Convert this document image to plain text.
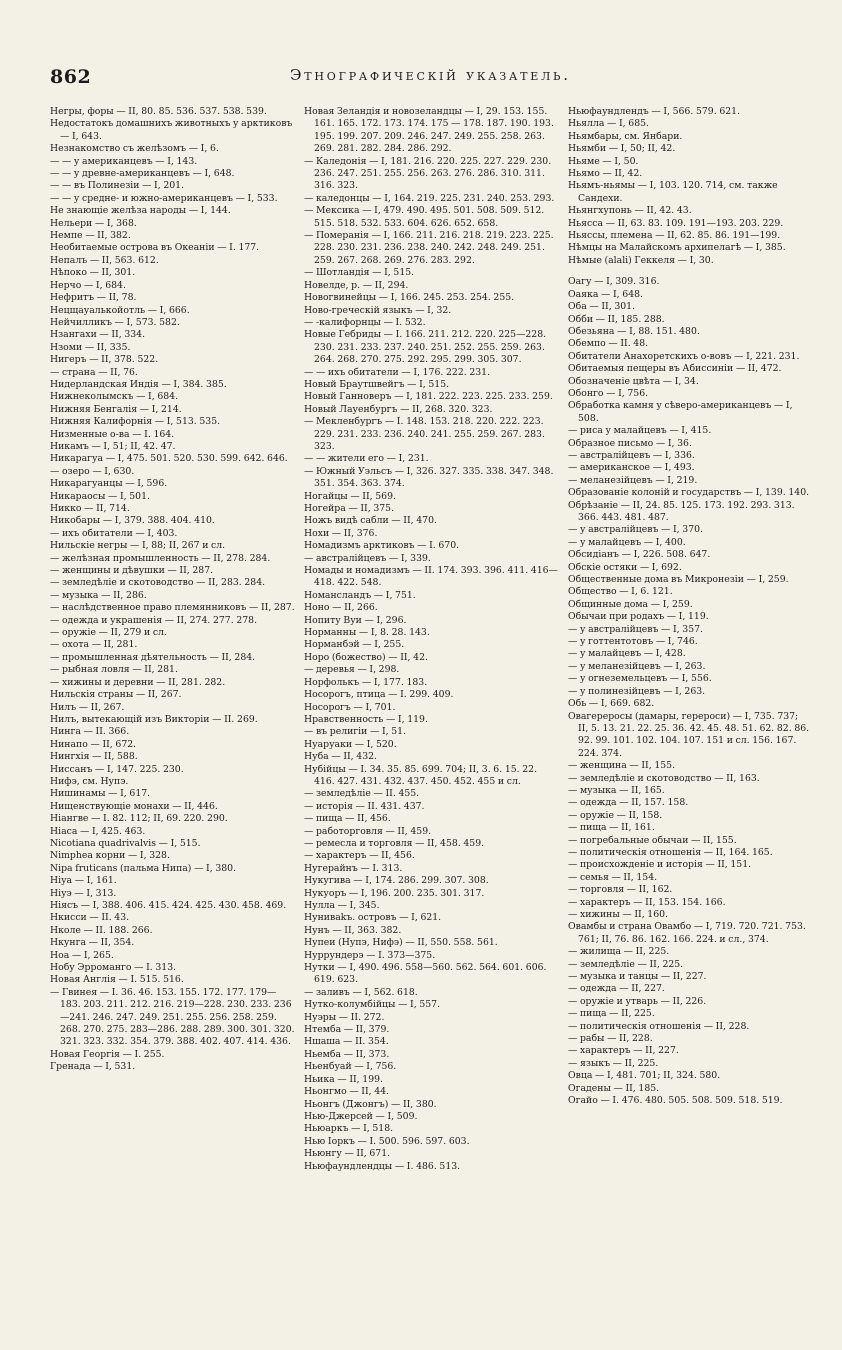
862	Этнографическій указатель.
Негры, форы — II, 80. 85. 536. 537. 538. 539.
Недостатокъ домашнихъ животныхъ у арктиковъ — I, 643.
Незнакомство съ желѣзомъ — I, 6.
— — у американцевъ — I, 143.
— — у древне-американцевъ — I, 648.
— — въ Полинезіи — I, 201.
— — у средне- и южно-американцевъ — I, 533.
Не знающіе желѣза народы — I, 144.
Нельери — I, 368.
Немпе — II, 382.
Необитаемые острова въ Океаніи — I. 177.
Непалъ — II, 563. 612.
Нѣпоко — II, 301.
Нерчо — I, 684.
Нефритъ — II, 78.
Нецщауалькойотль — I, 666.
Нейчилликъ — I, 573. 582.
Нзангахи — II, 334.
Нзоми — II, 335.
Нигеръ — II, 378. 522.
— страна — II, 76.
Нидерландская Индія — I, 384. 385.
Нижнеколымскъ — I, 684.
Нижняя Бенгалія — I, 214.
Нижняя Калифорнія — I, 513. 535.
Низменные о-ва — I. 164.
Никамъ — I, 51; II, 42. 47.
Никарагуа — I, 475. 501. 520. 530. 599. 642. 646.
— озеро — I, 630.
Никарагуанцы — I, 596.
Никараосы — I, 501.
Никко — II, 714.
Никобары — I, 379. 388. 404. 410.
— ихъ обитатели — I, 403.
Нильскіе негры — I, 88; II, 267 и сл.
— желѣзная промышленность — II, 278. 284.
— женщины и дѣвушки — II, 287.
— земледѣліе и скотоводство — II, 283. 284.
— музыка — II, 286.
— наслѣдственное право племянниковъ — II, 287.
— одежда и украшенія — II, 274. 277. 278.
— оружіе — II, 279 и сл.
— охота — II, 281.
— промышленная дѣятельность — II, 284.
— рыбная ловля — II, 281.
— хижины и деревни — II, 281. 282.
Нильскія страны — II, 267.
Нилъ — II, 267.
Нилъ, вытекающій изъ Викторіи — II. 269.
Нинга — II. 366.
Нинапо — II, 672.
Нингхія — II, 588.
Ниссанъ — I, 147. 225. 230.
Нифэ, см. Нупэ.
Нишинамы — I, 617.
Нищенствующіе монахи — II, 446.
Ніангве — I. 82. 112; II, 69. 220. 290.
Ніаса — I, 425. 463.
Nicotiana quadrivalvis — I, 515.
Nimphea корни — I, 328.
Nipa fruticans (пальма Нипа) — I, 380.
Ніуа — I, 161.
Ніуэ — I, 313.
Ніясъ — I, 388. 406. 415. 424. 425. 430. 458. 469.
Нкисси — II. 43.
Нколе — II. 188. 266.
Нкунга — II, 354.
Ноа — I, 265.
Нобу Эрроманго — I. 313.
Новая Англія — I. 515. 516.
— Гвинея — I. 36. 46. 153. 155. 172. 177. 179—183. 203. 211. 212. 216. 219—228. 230. 233. 236—241. 246. 247. 249. 251. 255. 256. 258. 259. 268. 270. 275. 283—286. 288. 289. 300. 301. 320. 321. 323. 332. 354. 379. 388. 402. 407. 414. 436.
Новая Георгія — I. 255.
Гренада — I, 531.
Новая Зеландія и новозеландцы — I, 29. 153. 155. 161. 165. 172. 173. 174. 175 — 178. 187. 190. 193. 195. 199. 207. 209. 246. 247. 249. 255. 258. 263. 269. 281. 282. 284. 286. 292.
— Каледонія — I, 181. 216. 220. 225. 227. 229. 230. 236. 247. 251. 255. 256. 263. 276. 286. 310. 311. 316. 323.
— каледонцы — I, 164. 219. 225. 231. 240. 253. 293.
— Мексика — I, 479. 490. 495. 501. 508. 509. 512. 515. 518. 532. 533. 604. 626. 652. 658.
— Померанія — I, 166. 211. 216. 218. 219. 223. 225. 228. 230. 231. 236. 238. 240. 242. 248. 249. 251. 259. 267. 268. 269. 276. 283. 292.
— Шотландія — I, 515.
Новелде, р. — II, 294.
Новогвинейцы — I, 166. 245. 253. 254. 255.
Ново-греческій языкъ — I, 32.
— -калифорнцы — I. 532.
Новые Гебриды — I. 166. 211. 212. 220. 225—228. 230. 231. 233. 237. 240. 251. 252. 255. 259. 263. 264. 268. 270. 275. 292. 295. 299. 305. 307.
— — ихъ обитатели — I, 176. 222. 231.
Новый Браутшвейгъ — I, 515.
Новый Ганноверъ — I, 181. 222. 223. 225. 233. 259.
Новый Лауенбургъ — II, 268. 320. 323.
— Мекленбургъ — I. 148. 153. 218. 220. 222. 223. 229. 231. 233. 236. 240. 241. 255. 259. 267. 283. 323.
— — жители его — I, 231.
— Южный Уэльсъ — I, 326. 327. 335. 338. 347. 348. 351. 354. 363. 374.
Ногайцы — II, 569.
Ногейра — II, 375.
Ножъ видѣ сабли — II, 470.
Нохи — II, 376.
Номадизмъ арктиковъ — I. 670.
— австралійцевъ — I, 339.
Номады и номадизмъ — II. 174. 393. 396. 411. 416—418. 422. 548.
Номансландъ — I, 751.
Ноно — II, 266.
Нопиту Вуи — I, 296.
Норманны — I, 8. 28. 143.
Норманбэй — I, 255.
Норо (божество) — II, 42.
— деревья — I, 298.
Норфолькъ — I, 177. 183.
Носорогъ, птица — I. 299. 409.
Носорогъ — I, 701.
Нравственность — I, 119.
— въ религіи — I, 51.
Нуаруаки — I, 520.
Нуба — II, 432.
Нубійцы — I. 34. 35. 85. 699. 704; II, 3. 6. 15. 22. 416. 427. 431. 432. 437. 450. 452. 455 и сл.
— земледѣліе — II. 455.
— исторія — II. 431. 437.
— пища — II, 456.
— работорговля — II, 459.
— ремесла и торговля — II, 458. 459.
— характеръ — II, 456.
Нугерайнъ — I. 313.
Нукугива — I, 174. 286. 299. 307. 308.
Нукуоръ — I, 196. 200. 235. 301. 317.
Нулла — I, 345.
Нуниваkъ. островъ — I, 621.
Нунъ — II, 363. 382.
Нупеи (Нупэ, Нифэ) — II, 550. 558. 561.
Нуррундерэ — I. 373—375.
Нутки — I, 490. 496. 558—560. 562. 564. 601. 606. 619. 623.
— заливъ — I, 562. 618.
Нутко-колумбійцы — I, 557.
Нуэры — II. 272.
Нтемба — II, 379.
Ншаша — II. 354.
Ньемба — II, 373.
Ньенбуай — I, 756.
Ньика — II, 199.
Ньонгмо — II, 44.
Ньонгъ (Джонгъ) — II, 380.
Нью-Джерсей — I, 509.
Ньюаркъ — I, 518.
Нью Іоркъ — I. 500. 596. 597. 603.
Ньюнгу — II, 671.
Ньюфаундлендцы — I. 486. 513.
Ньюфаундлендъ — I, 566. 579. 621.
Ньялла — I, 685.
Ньямбары, см. Янбари.
Ньямби — I, 50; II, 42.
Ньяме — I, 50.
Ньямо — II, 42.
Ньямъ-ньямы — I, 103. 120. 714, см. также Сандехи.
Ньянгхупонь — II, 42. 43.
Ньясса — II, 63. 83. 109. 191—193. 203. 229.
Ньяссы, племена — II, 62. 85. 86. 191—199.
Нѣмцы на Малайскомъ архипелагѣ — I, 385.
Нѣмые (alali) Геккеля — I, 30.
Оагу — I, 309. 316.
Оаяка — I, 648.
Оба — II, 301.
Обби — II, 185. 288.
Обезьяна — I, 88. 151. 480.
Обемпо — II. 48.
Обитатели Анахоретскихъ о-вовъ — I, 221. 231.
Обитаемыя пещеры въ Абиссиніи — II, 472.
Обозначеніе цвѣта — I, 34.
Обонго — I, 756.
Обработка камня у сѣверо-американцевъ — I, 508.
— риса у малайцевъ — I, 415.
Образное письмо — I, 36.
— австралійцевъ — I, 336.
— американское — I, 493.
— меланезійцевъ — I, 219.
Образованіе колоній и государствъ — I, 139. 140.
Обрѣзаніе — II, 24. 85. 125. 173. 192. 293. 313. 366. 443. 481. 487.
— у австралійцевъ — I, 370.
— у малайцевъ — I, 400.
Обсидіанъ — I, 226. 508. 647.
Обскіе остяки — I, 692.
Общественные дома въ Микронезіи — I, 259.
Общество — I, 6. 121.
Общинные дома — I, 259.
Обычаи при родахъ — I, 119.
— у австралійцевъ — I, 357.
— у готтентотовъ — I, 746.
— у малайцевъ — I, 428.
— у меланезійцевъ — I, 263.
— у огнеземельцевъ — I, 556.
— у полинезійцевъ — I, 263.
Обь — I, 669. 682.
Овагереросы (дамары, герероси) — I, 735. 737; II, 5. 13. 21. 22. 25. 36. 42. 45. 48. 51. 62. 82. 86. 92. 99. 101. 102. 104. 107. 151 и сл. 156. 167. 224. 374.
— женщина — II, 155.
— земледѣліе и скотоводство — II, 163.
— музыка — II, 165.
— одежда — II, 157. 158.
— оружіе — II, 158.
— пища — II, 161.
— погребальные обычаи — II, 155.
— политическія отношенія — II, 164. 165.
— происхожденіе и исторія — II, 151.
— семья — II, 154.
— торговля — II, 162.
— характеръ — II, 153. 154. 166.
— хижины — II, 160.
Овамбы и страна Овамбо — I, 719. 720. 721. 753. 761; II, 76. 86. 162. 166. 224. и сл., 374.
— жилища — II, 225.
— земледѣліе — II, 225.
— музыка и танцы — II, 227.
— одежда — II, 227.
— оружіе и утварь — II, 226.
— пища — II, 225.
— политическія отношенія — II, 228.
— рабы — II, 228.
— характеръ — II, 227.
— языкъ — II, 225.
Овца — I, 481. 701; II, 324. 580.
Огадены — II, 185.
Огайо — I. 476. 480. 505. 508. 509. 518. 519.
